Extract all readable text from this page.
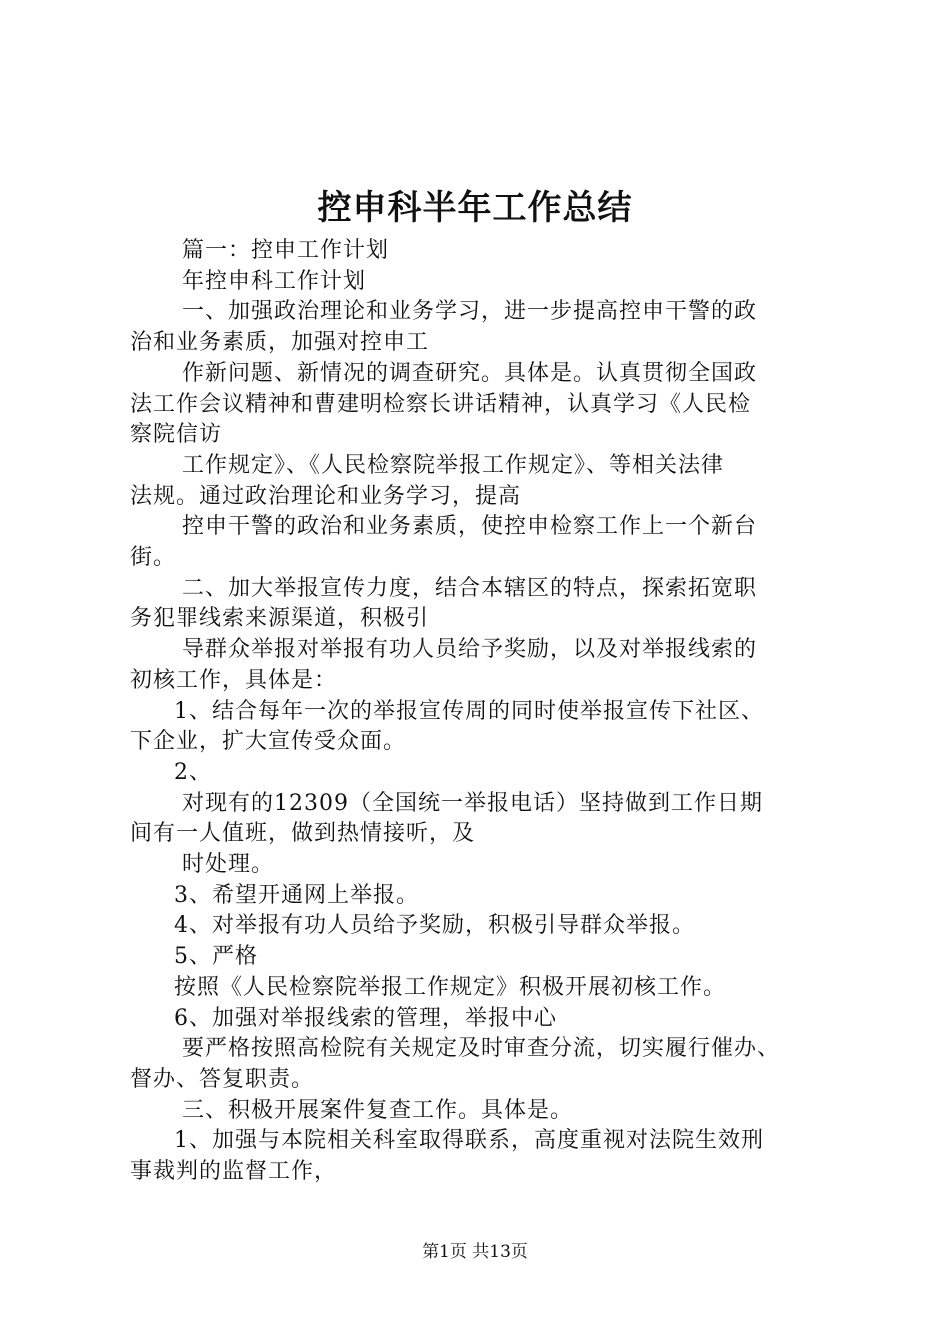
控申科半年工作总结
篇一：控申工作计划
年控申科工作计划
一、加强政治理论和业务学习，进一步提高控申干警的政
治和业务素质，加强对控申工
作新问题、新情况的调查研究。具体是。认真贯彻全国政
法工作会议精神和曹建明检察长讲话精神，认真学习《人民检
察院信访
工作规定》、《人民检察院举报工作规定》、等相关法律
法规。通过政治理论和业务学习，提高
控申干警的政治和业务素质，使控申检察工作上一个新台
街。
二、加大举报宣传力度，结合本辖区的特点，探索拓宽职
务犯罪线索来源渠道，积极引
导群众举报对举报有功人员给予奖励，以及对举报线索的
初核工作，具体是：
1、结合每年一次的举报宣传周的同时使举报宣传下社区、
下企业，扩大宣传受众面。
2、
对现有的12309（全国统一举报电话）坚持做到工作日期
间有一人值班，做到热情接听，及
时处理。
3、希望开通网上举报。
4、对举报有功人员给予奖励，积极引导群众举报。
5、严格
按照《人民检察院举报工作规定》积极开展初核工作。
6、加强对举报线索的管理，举报中心
要严格按照高检院有关规定及时审查分流，切实履行催办、
督办、答复职责。
三、积极开展案件复查工作。具体是。
1、加强与本院相关科室取得联系，高度重视对法院生效刑
事裁判的监督工作，
第1页 共13页
